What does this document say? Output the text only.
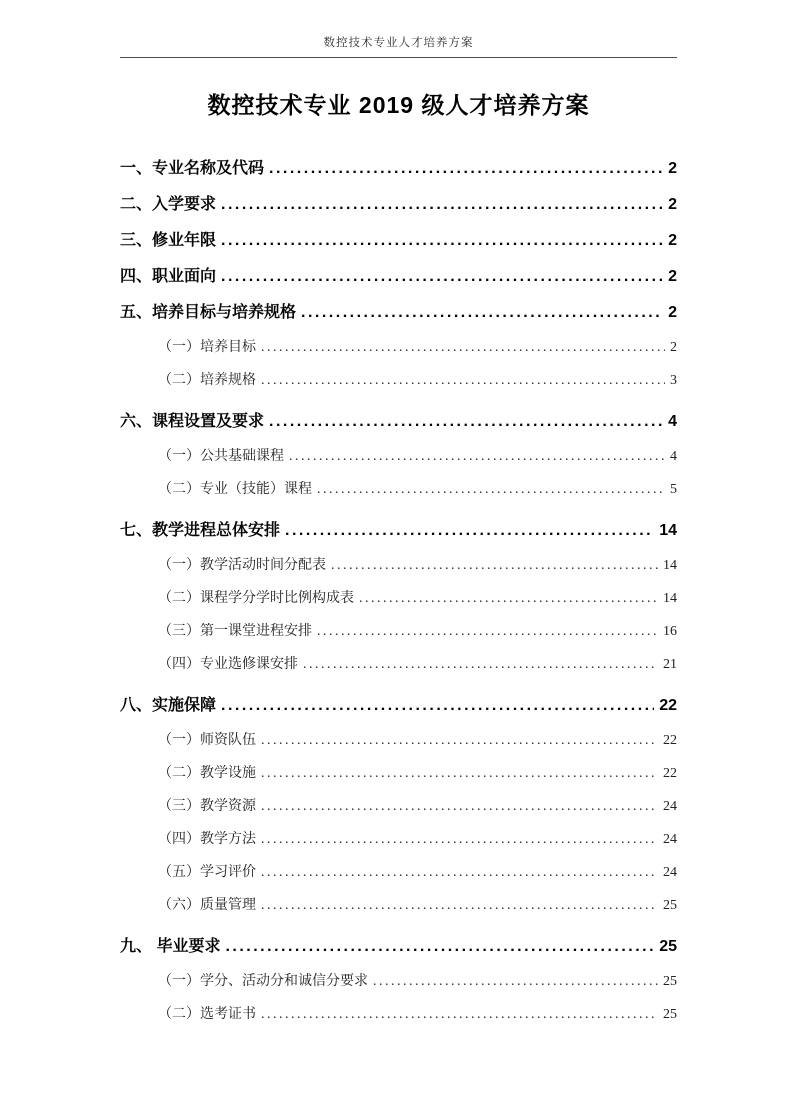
数控技术专业人才培养方案
数控技术专业 2019 级人才培养方案
一、专业名称及代码 .....	2
二、入学要求 .....	2
三、修业年限 .....	2
四、职业面向 .....	2
五、培养目标与培养规格 .....	2
（一）培养目标 .....	2
（二）培养规格 .....	3
六、课程设置及要求 .....	4
（一）公共基础课程 .....	4
（二）专业（技能）课程 .....	5
七、教学进程总体安排 .....	14
（一）教学活动时间分配表 .....	14
（二）课程学分学时比例构成表 .....	14
（三）第一课堂进程安排 .....	16
（四）专业选修课安排 .....	21
八、实施保障 .....	22
（一）师资队伍 .....	22
（二）教学设施 .....	22
（三）教学资源 .....	24
（四）教学方法 .....	24
（五）学习评价 .....	24
（六）质量管理 .....	25
九、 毕业要求 .....	25
（一）学分、活动分和诚信分要求 .....	25
（二）选考证书 .....	25
